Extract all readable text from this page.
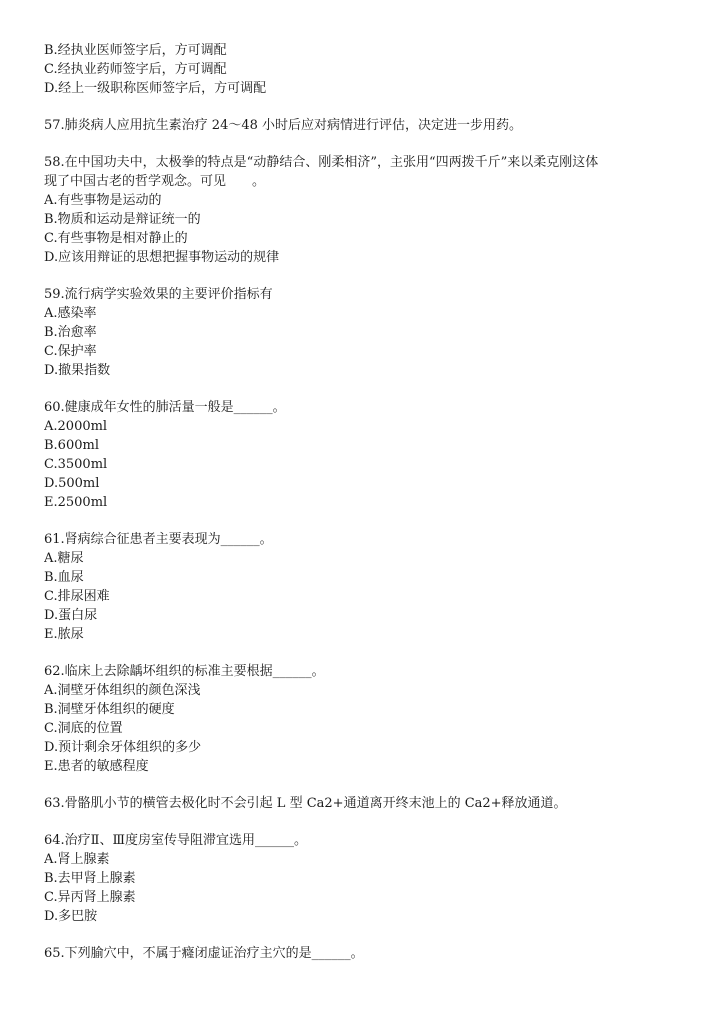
B.经执业医师签字后，方可调配
C.经执业药师签字后，方可调配
D.经上一级职称医师签字后，方可调配
57.肺炎病人应用抗生素治疗 24～48 小时后应对病情进行评估，决定进一步用药。
58.在中国功夫中，太极拳的特点是“动静结合、刚柔相济”，主张用“四两拨千斤”来以柔克刚这体
现了中国古老的哲学观念。可见　　。
A.有些事物是运动的
B.物质和运动是辩证统一的
C.有些事物是相对静止的
D.应该用辩证的思想把握事物运动的规律
59.流行病学实验效果的主要评价指标有
A.感染率
B.治愈率
C.保护率
D.撤果指数
60.健康成年女性的肺活量一般是______。
A.2000ml
B.600ml
C.3500ml
D.500ml
E.2500ml
61.肾病综合征患者主要表现为______。
A.糖尿
B.血尿
C.排尿困难
D.蛋白尿
E.脓尿
62.临床上去除龋坏组织的标准主要根据______。
A.洞壁牙体组织的颜色深浅
B.洞壁牙体组织的硬度
C.洞底的位置
D.预计剩余牙体组织的多少
E.患者的敏感程度
63.骨骼肌小节的横管去极化时不会引起 L 型 Ca2+通道离开终末池上的 Ca2+释放通道。
64.治疗Ⅱ、Ⅲ度房室传导阻滞宜选用______。
A.肾上腺素
B.去甲肾上腺素
C.异丙肾上腺素
D.多巴胺
65.下列腧穴中，不属于癃闭虚证治疗主穴的是______。
